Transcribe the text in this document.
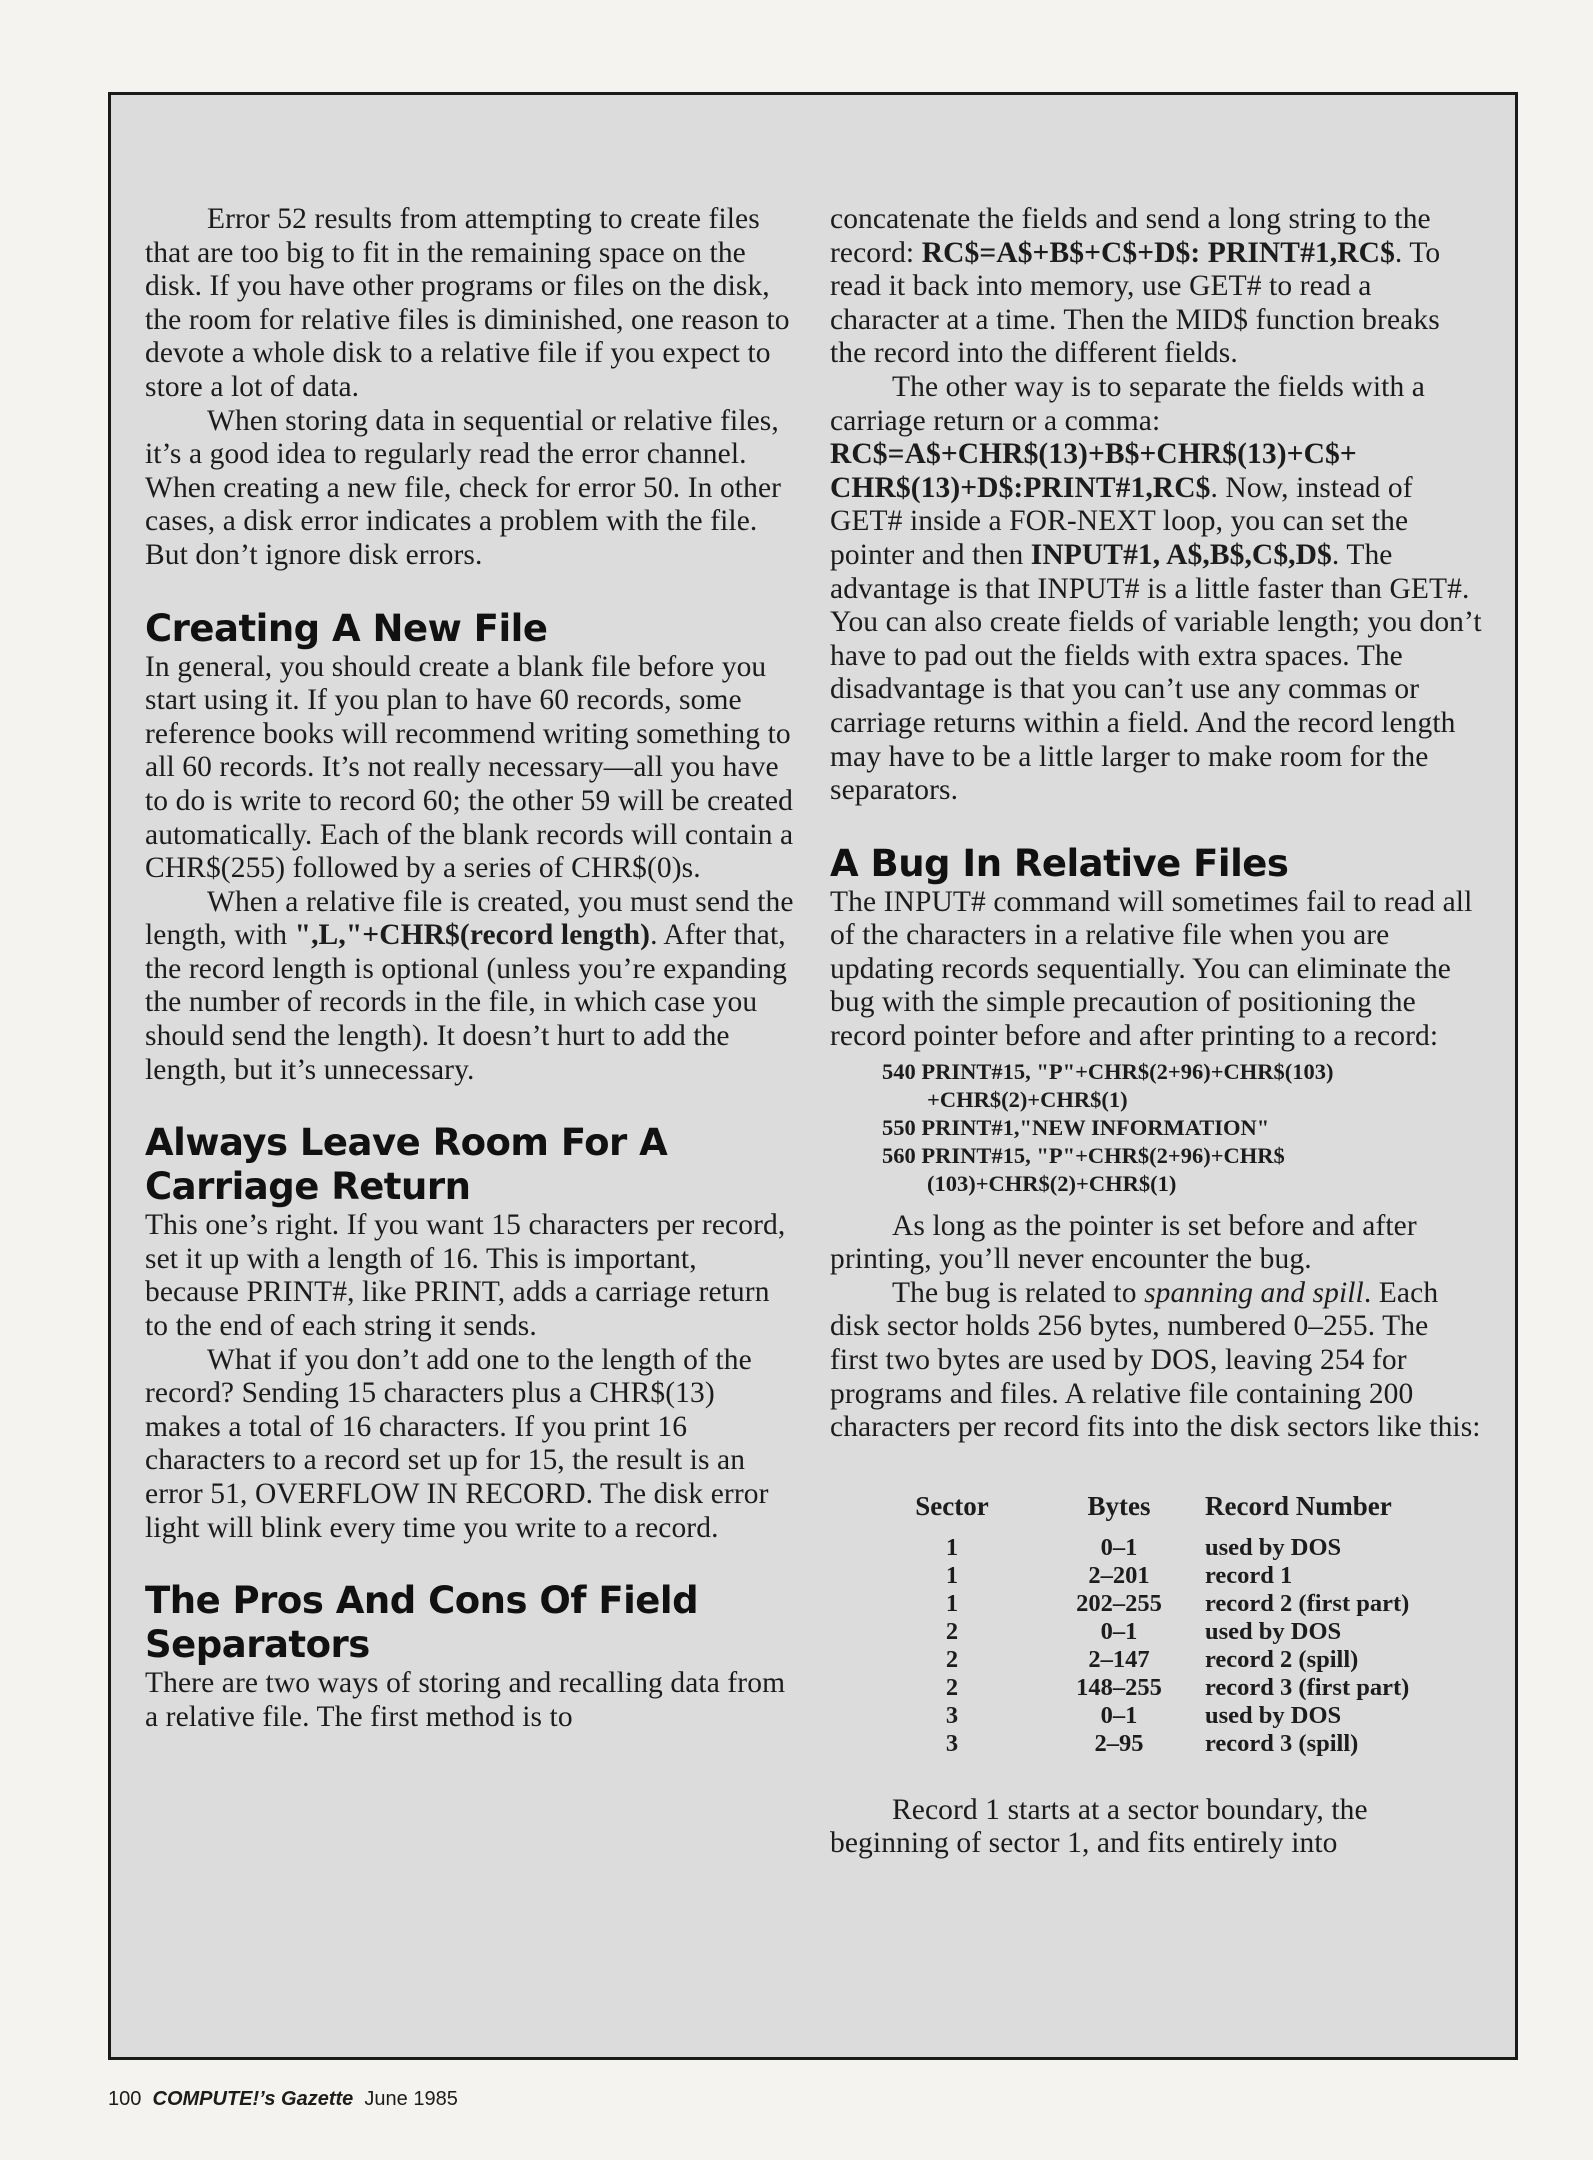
Error 52 results from attempting to create files that are too big to fit in the remaining space on the disk. If you have other programs or files on the disk, the room for relative files is diminished, one reason to devote a whole disk to a relative file if you expect to store a lot of data.

When storing data in sequential or relative files, it’s a good idea to regularly read the error channel. When creating a new file, check for error 50. In other cases, a disk error indicates a problem with the file. But don’t ignore disk errors.

Creating A New File

In general, you should create a blank file before you start using it. If you plan to have 60 records, some reference books will recommend writing something to all 60 records. It’s not really necessary—all you have to do is write to record 60; the other 59 will be created automatically. Each of the blank records will contain a CHR$(255) followed by a series of CHR$(0)s.

When a relative file is created, you must send the length, with ",L,"+CHR$(record length). After that, the record length is optional (unless you’re expanding the number of records in the file, in which case you should send the length). It doesn’t hurt to add the length, but it’s unnecessary.

Always Leave Room For A Carriage Return

This one’s right. If you want 15 characters per record, set it up with a length of 16. This is important, because PRINT#, like PRINT, adds a carriage return to the end of each string it sends.

What if you don’t add one to the length of the record? Sending 15 characters plus a CHR$(13) makes a total of 16 characters. If you print 16 characters to a record set up for 15, the result is an error 51, OVERFLOW IN RECORD. The disk error light will blink every time you write to a record.

The Pros And Cons Of Field Separators

There are two ways of storing and recalling data from a relative file. The first method is to

concatenate the fields and send a long string to the record: RC$=A$+B$+C$+D$: PRINT#1,RC$. To read it back into memory, use GET# to read a character at a time. Then the MID$ function breaks the record into the different fields.

The other way is to separate the fields with a carriage return or a comma: RC$=A$+CHR$(13)+B$+CHR$(13)+C$+ CHR$(13)+D$:PRINT#1,RC$. Now, instead of GET# inside a FOR-NEXT loop, you can set the pointer and then INPUT#1, A$,B$,C$,D$. The advantage is that INPUT# is a little faster than GET#. You can also create fields of variable length; you don’t have to pad out the fields with extra spaces. The disadvantage is that you can’t use any commas or carriage returns within a field. And the record length may have to be a little larger to make room for the separators.

A Bug In Relative Files

The INPUT# command will sometimes fail to read all of the characters in a relative file when you are updating records sequentially. You can eliminate the bug with the simple precaution of positioning the record pointer before and after printing to a record:

540 PRINT#15, "P"+CHR$(2+96)+CHR$(103)
+CHR$(2)+CHR$(1)
550 PRINT#1,"NEW INFORMATION"
560 PRINT#15, "P"+CHR$(2+96)+CHR$
(103)+CHR$(2)+CHR$(1)

As long as the pointer is set before and after printing, you’ll never encounter the bug.

The bug is related to spanning and spill. Each disk sector holds 256 bytes, numbered 0–255. The first two bytes are used by DOS, leaving 254 for programs and files. A relative file containing 200 characters per record fits into the disk sectors like this:

Sector	Bytes	Record Number
1	0–1	used by DOS
1	2–201	record 1
1	202–255	record 2 (first part)
2	0–1	used by DOS
2	2–147	record 2 (spill)
2	148–255	record 3 (first part)
3	0–1	used by DOS
3	2–95	record 3 (spill)

Record 1 starts at a sector boundary, the beginning of sector 1, and fits entirely into

100 COMPUTE!’s Gazette June 1985
